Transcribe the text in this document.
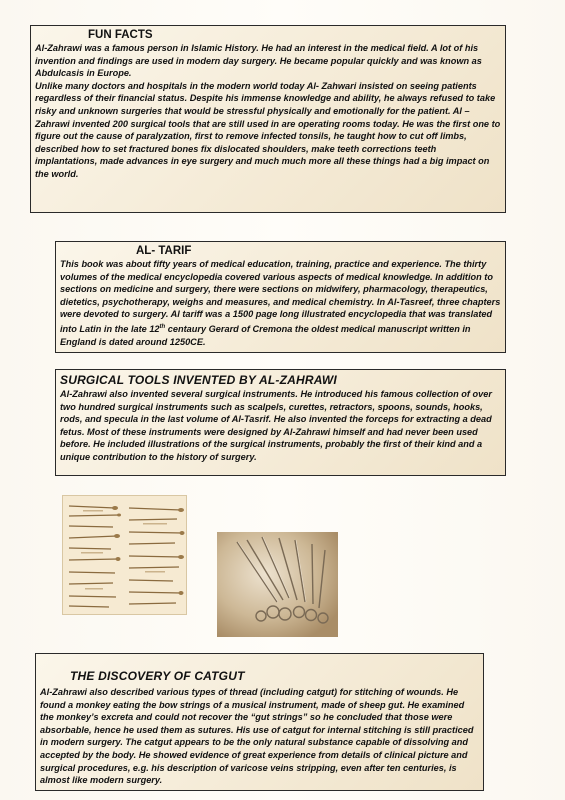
FUN FACTS

Al-Zahrawi was a famous person in Islamic History. He had an interest in the medical field. A lot of his invention and findings are used in modern day surgery. He became popular quickly and was known as Abdulcasis in Europe.

Unlike many doctors and hospitals in the modern world today Al- Zahwari insisted on seeing patients regardless of their financial status. Despite his immense knowledge and ability, he always refused to take risky and unknown surgeries that would be stressful physically and emotionally for the patient. Al – Zahrawi invented 200 surgical tools that are still used in are operating rooms today. He was the first one to figure out the cause of paralyzation, first to remove infected tonsils, he taught how to cut off limbs, described how to set fractured bones fix dislocated shoulders, make teeth corrections teeth implantations, made advances in eye surgery and much much more all these things had a big impact on the world.

AL- TARIF

This book was about fifty years of medical education, training, practice and experience. The thirty volumes of the medical encyclopedia covered various aspects of medical knowledge. In addition to sections on medicine and surgery, there were sections on midwifery, pharmacology, therapeutics, dietetics, psychotherapy, weighs and measures, and medical chemistry. In Al-Tasreef, three chapters were devoted to surgery. Al tariff was a 1500 page long illustrated encyclopedia that was translated into Latin in the late 12th centaury Gerard of Cremona the oldest medical manuscript written in England is dated around 1250CE.

SURGICAL TOOLS INVENTED BY AL-ZAHRAWI

Al-Zahrawi also invented several surgical instruments. He introduced his famous collection of over two hundred surgical instruments such as scalpels, curettes, retractors, spoons, sounds, hooks, rods, and specula in the last volume of Al-Tasrif. He also invented the forceps for extracting a dead fetus. Most of these instruments were designed by Al-Zahrawi himself and had never been used before. He included illustrations of the surgical instruments, probably the first of their kind and a unique contribution to the history of surgery.

THE DISCOVERY OF CATGUT

Al-Zahrawi also described various types of thread (including catgut) for stitching of wounds. He found a monkey eating the bow strings of a musical instrument, made of sheep gut. He examined the monkey’s excreta and could not recover the “gut strings” so he concluded that those were absorbable, hence he used them as sutures. His use of catgut for internal stitching is still practiced in modern surgery. The catgut appears to be the only natural substance capable of dissolving and accepted by the body. He showed evidence of great experience from details of clinical picture and surgical procedures, e.g. his description of varicose veins stripping, even after ten centuries, is almost like modern surgery.
